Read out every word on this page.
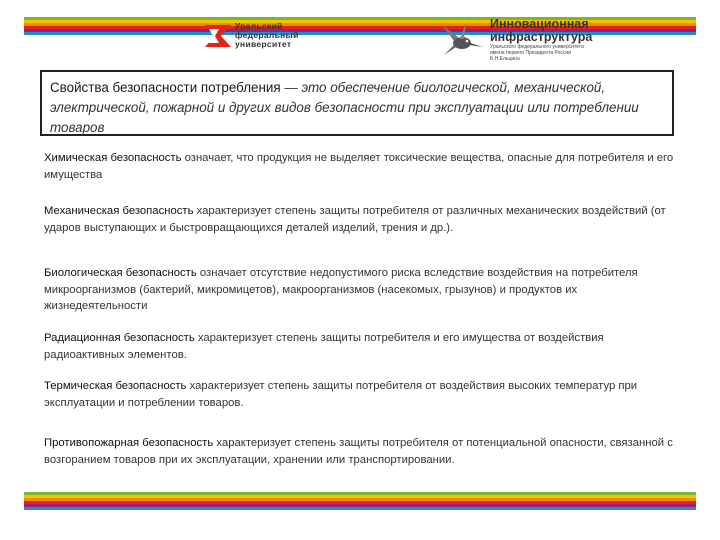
Уральский
федеральный
университет
Инновационная
инфраструктура
Уральского федерального университета имени первого Президента России Б.Н.Ельцина
Свойства безопасности потребления — это обеспечение биологической, механической, электрической, пожарной и других видов безопасности при эксплуатации или потреблении товаров
Химическая безопасность означает, что продукция не выделяет токсические вещества, опасные для потребителя и его имущества
Механическая безопасность характеризует степень защиты потребителя от различных механических воздействий (от ударов выступающих и быстровращающихся деталей изделий, трения и др.).
Биологическая безопасность означает отсутствие недопустимого риска вследствие воздействия на потребителя микроорганизмов (бактерий, микромицетов), макроорганизмов (насекомых, грызунов) и продуктов их жизнедеятельности
Радиационная безопасность характеризует степень защиты потребителя и его имущества от воздействия радиоактивных элементов.
Термическая безопасность характеризует степень защиты потребителя от воздействия высоких температур при эксплуатации и потреблении товаров.
Противопожарная безопасность характеризует степень защиты потребителя от потенциальной опасности, связанной с возгоранием товаров при их эксплуатации, хранении или транспортировании.
